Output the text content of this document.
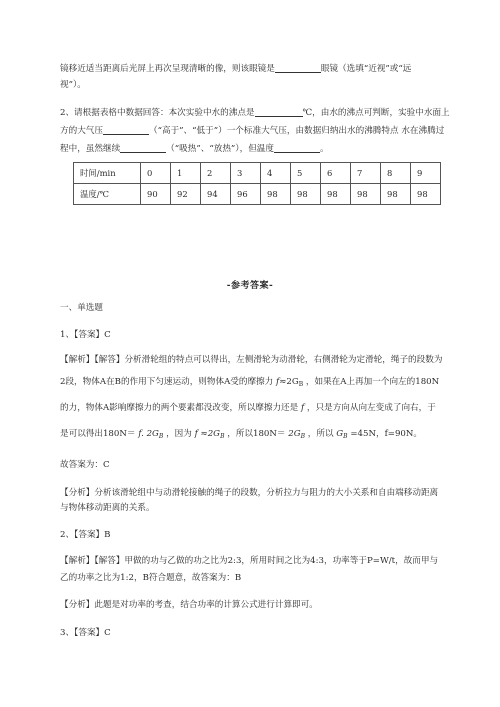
镜移近适当距离后光屏上再次呈现清晰的像，则该眼镜是	眼镜（选填“近视”或“远
视”）。
2、请根据表格中数据回答：本次实验中水的沸点是	℃，由水的沸点可判断，实验中水面上
方的大气压	（“高于”、“低于”）一个标准大气压，由数据归纳出水的沸腾特点 水在沸腾过
程中，虽然继续	（“吸热”、“放热”），但温度	。
时间/min	0	1	2	3	4	5	6	7	8	9
温度/℃	90	92	94	96	98	98	98	98	98	98
-参考答案-
一、单选题
1、【答案】C
【解析】【解答】分析滑轮组的特点可以得出，左侧滑轮为动滑轮，右侧滑轮为定滑轮，绳子的段数为
2段，物体A在B的作用下匀速运动，则物体A受的摩擦力 $f\approx 2G_B$ ，如果在A上再加一个向左的180N
的力，物体A影响摩擦力的两个要素都没改变，所以摩擦力还是 f ，只是方向从向左变成了向右，于
是可以得出180N＝ f. $2G_B$ ，因为 $f \approx 2G_B$ ，所以$180N= 2G_B$ ，所以 $G_B =45N$，f=90N。
故答案为：C
【分析】分析该滑轮组中与动滑轮接触的绳子的段数，分析拉力与阻力的大小关系和自由端移动距离
与物体移动距离的关系。
2、【答案】B
【解析】【解答】甲做的功与乙做的功之比为2:3，所用时间之比为4:3，功率等于P=W/t，故而甲与
乙的功率之比为1:2，B符合题意，故答案为：B
【分析】此题是对功率的考查，结合功率的计算公式进行计算即可。
3、【答案】C
